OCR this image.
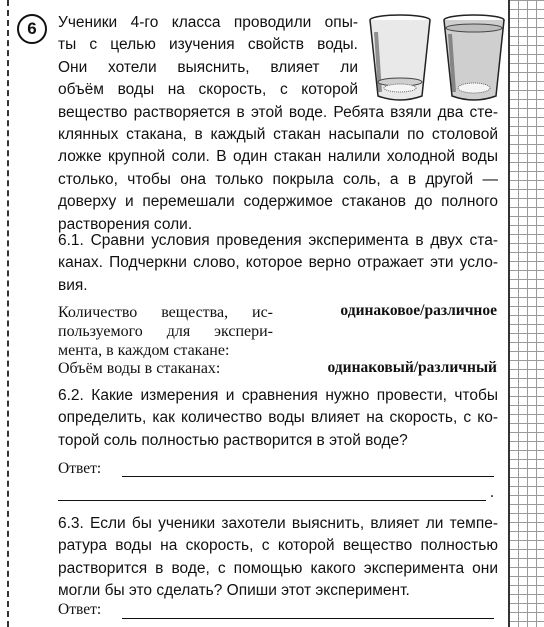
6	Ученики 4-го класса проводили опы-
ты с целью изучения свойств воды.
Они хотели выяснить, влияет ли
объём воды на скорость, с которой
вещество растворяется в этой воде. Ребята взяли два сте-
клянных стакана, в каждый стакан насыпали по столовой
ложке крупной соли. В один стакан налили холодной воды
столько, чтобы она только покрыла соль, а в другой —
доверху и перемешали содержимое стаканов до полного
растворения соли.
6.1. Сравни условия проведения эксперимента в двух ста-
канах. Подчеркни слово, которое верно отражает эти усло-
вия.
Количество вещества, ис-
пользуемого для экспери-
мента, в каждом стакане:
одинаковое/различное
Объём воды в стаканах:	одинаковый/различный
6.2. Какие измерения и сравнения нужно провести, чтобы
определить, как количество воды влияет на скорость, с ко-
торой соль полностью растворится в этой воде?
Ответ:
.
6.3. Если бы ученики захотели выяснить, влияет ли темпе-
ратура воды на скорость, с которой вещество полностью
растворится в воде, с помощью какого эксперимента они
могли бы это сделать? Опиши этот эксперимент.
Ответ:
